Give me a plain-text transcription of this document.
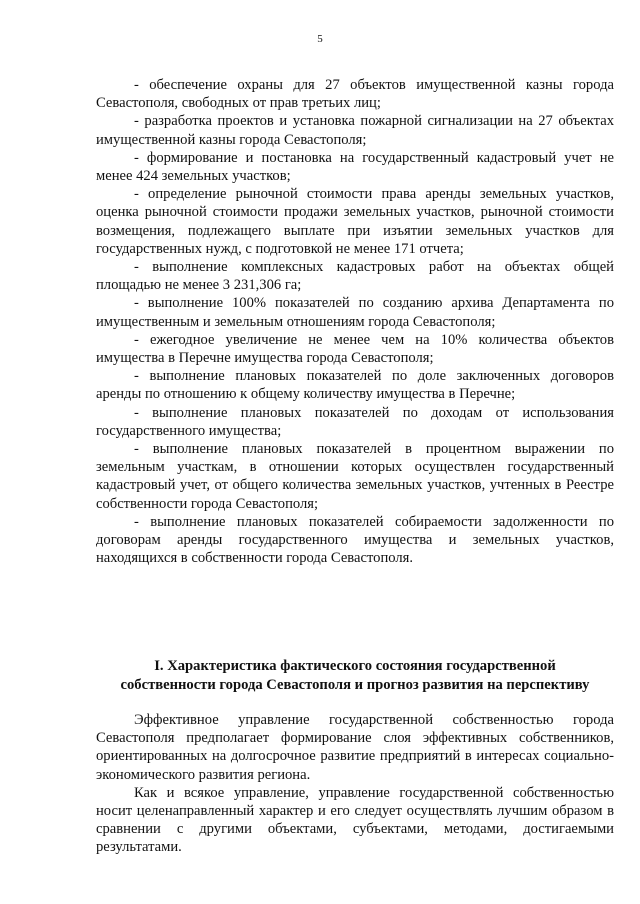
5

- обеспечение охраны для 27 объектов имущественной казны города Севастополя, свободных от прав третьих лиц;

- разработка проектов и установка пожарной сигнализации на 27 объектах имущественной казны города Севастополя;

- формирование и постановка на государственный кадастровый учет не менее 424 земельных участков;

- определение рыночной стоимости права аренды земельных участков, оценка рыночной стоимости продажи земельных участков, рыночной стоимости возмещения, подлежащего выплате при изъятии земельных участков для государственных нужд, с подготовкой не менее 171 отчета;

- выполнение комплексных кадастровых работ на объектах общей площадью не менее 3 231,306 га;

- выполнение 100% показателей по созданию архива Департамента по имущественным и земельным отношениям города Севастополя;

- ежегодное увеличение не менее чем на 10% количества объектов имущества в Перечне имущества города Севастополя;

- выполнение плановых показателей по доле заключенных договоров аренды по отношению к общему количеству имущества в Перечне;

- выполнение плановых показателей по доходам от использования государственного имущества;

- выполнение плановых показателей в процентном выражении по земельным участкам, в отношении которых осуществлен государственный кадастровый учет, от общего количества земельных участков, учтенных в Реестре собственности города Севастополя;

- выполнение плановых показателей собираемости задолженности по договорам аренды государственного имущества и земельных участков, находящихся в собственности города Севастополя.

I. Характеристика фактического состояния государственной
собственности города Севастополя и прогноз развития на перспективу

Эффективное управление государственной собственностью города Севастополя предполагает формирование слоя эффективных собственников, ориентированных на долгосрочное развитие предприятий в интересах социально-экономического развития региона.

Как и всякое управление, управление государственной собственностью носит целенаправленный характер и его следует осуществлять лучшим образом в сравнении с другими объектами, субъектами, методами, достигаемыми результатами.
